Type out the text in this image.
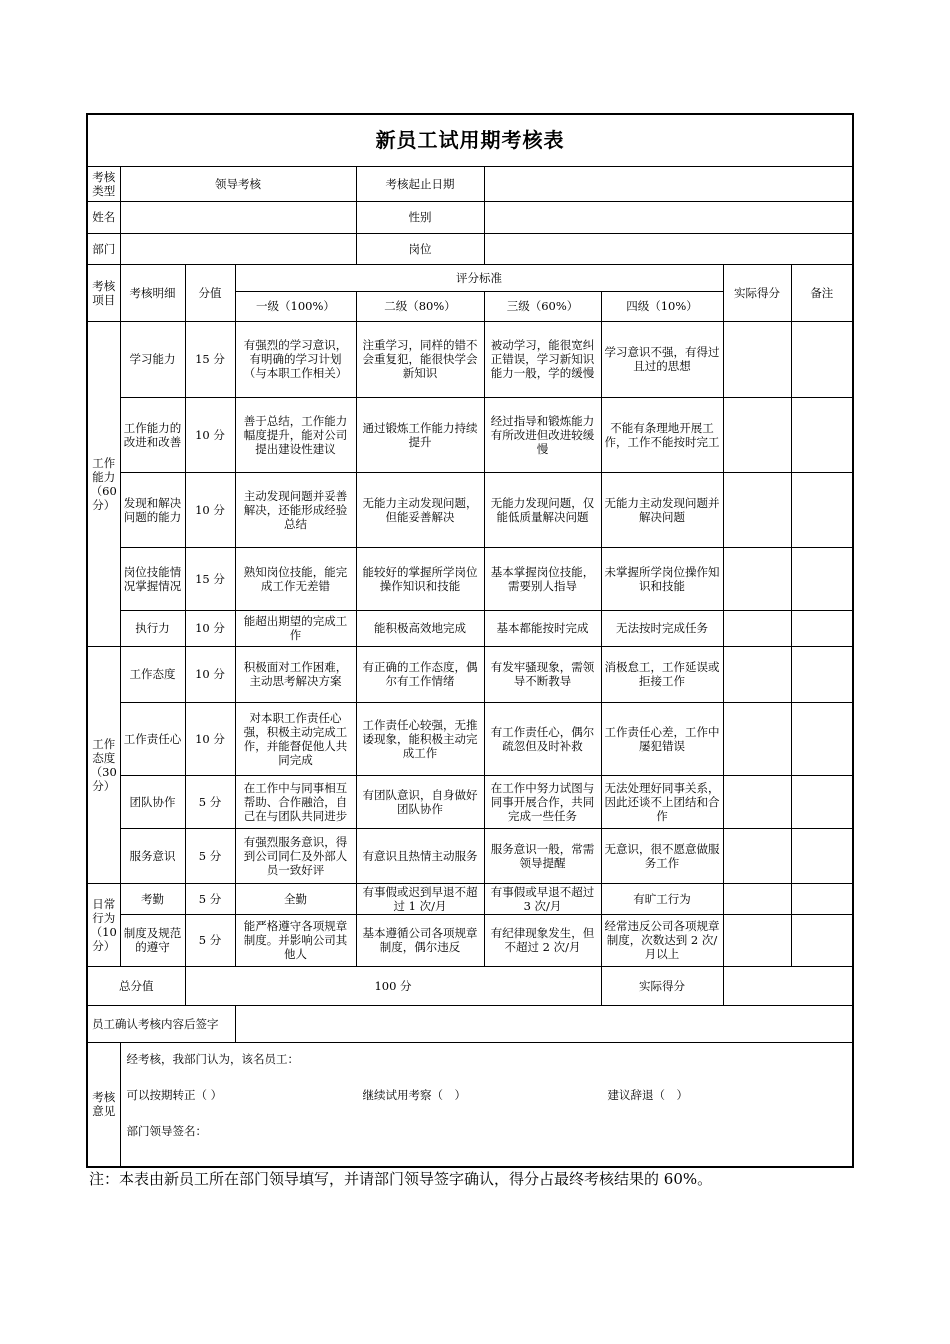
新员工试用期考核表								
考核类型	领导考核			考核起止日期				
姓名				性别				
部门				岗位				
考核项目	考核明细	分值	评分标准				实际得分	备注
			一级（100%）	二级（80%）	三级（60%）	四级（10%）		
工作能力（60分）	学习能力	15 分	有强烈的学习意识，有明确的学习计划（与本职工作相关）	注重学习，同样的错不会重复犯，能很快学会新知识	被动学习，能很宽纠正错误，学习新知识能力一般，学的缓慢	学习意识不强，有得过且过的思想		
	工作能力的改进和改善	10 分	善于总结，工作能力幅度提升，能对公司提出建设性建议	通过锻炼工作能力持续提升	经过指导和锻炼能力有所改进但改进较缓慢	不能有条理地开展工作，工作不能按时完工		
	发现和解决问题的能力	10 分	主动发现问题并妥善解决，还能形成经验总结	无能力主动发现问题，但能妥善解决	无能力发现问题，仅能低质量解决问题	无能力主动发现问题并解决问题		
	岗位技能情况掌握情况	15 分	熟知岗位技能，能完成工作无差错	能较好的掌握所学岗位操作知识和技能	基本掌握岗位技能，需要别人指导	未掌握所学岗位操作知识和技能		
	执行力	10 分	能超出期望的完成工作	能积极高效地完成	基本都能按时完成	无法按时完成任务		
工作态度（30分）	工作态度	10 分	积极面对工作困难，主动思考解决方案	有正确的工作态度，偶尔有工作情绪	有发牢骚现象，需领导不断教导	消极怠工，工作延误或拒接工作		
	工作责任心	10 分	对本职工作责任心强，积极主动完成工作，并能督促他人共同完成	工作责任心较强，无推诿现象，能积极主动完成工作	有工作责任心，偶尔疏忽但及时补救	工作责任心差，工作中屡犯错误		
	团队协作	5 分	在工作中与同事相互帮助、合作融洽，自己在与团队共同进步	有团队意识，自身做好团队协作	在工作中努力试图与同事开展合作，共同完成一些任务	无法处理好同事关系，因此还谈不上团结和合作		
	服务意识	5 分	有强烈服务意识，得到公司同仁及外部人员一致好评	有意识且热情主动服务	服务意识一般，常需领导提醒	无意识，很不愿意做服务工作		
日常行为（10分）	考勤	5 分	全勤	有事假或迟到早退不超过 1 次/月	有事假或早退不超过 3 次/月	有旷工行为		
	制度及规范的遵守	5 分	能严格遵守各项规章制度。并影响公司其他人	基本遵循公司各项规章制度，偶尔违反	有纪律现象发生，但不超过 2 次/月	经常违反公司各项规章制度，次数达到 2 次/月以上		
总分值		100 分				实际得分		
员工确认考核内容后签字								
考核意见	经考核，我部门认为，该名员工：
可以按期转正（ ） 继续试用考察（　） 建议辞退（　）
部门领导签名：							
注：本表由新员工所在部门领导填写，并请部门领导签字确认，得分占最终考核结果的 60%。
